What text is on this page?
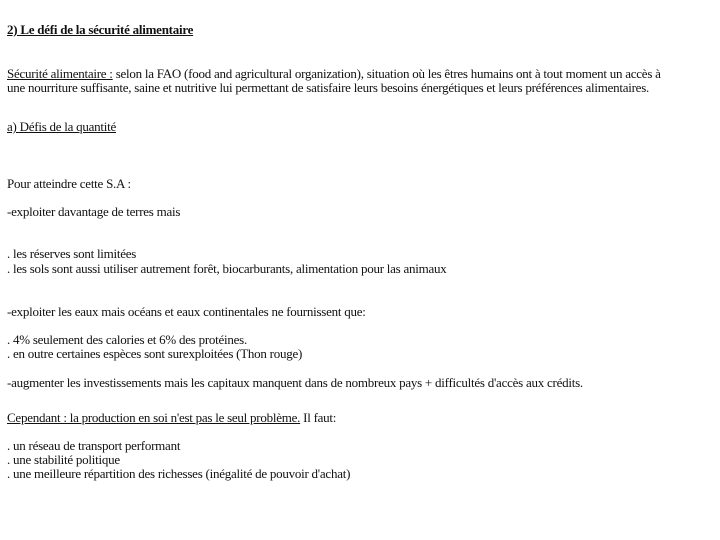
2) Le défi de la sécurité alimentaire
Sécurité alimentaire : selon la FAO (food and agricultural organization), situation où les êtres humains ont à tout moment un accès à
une nourriture suffisante, saine et nutritive lui permettant de satisfaire leurs besoins énergétiques et leurs préférences alimentaires.
a) Défis de la quantité
Pour atteindre cette S.A :
-exploiter davantage de terres mais
. les réserves sont limitées
. les sols sont aussi utiliser autrement forêt, biocarburants, alimentation pour las animaux
-exploiter les eaux mais océans et eaux continentales ne fournissent que:
. 4% seulement des calories et 6% des protéines.
. en outre certaines espèces sont surexploitées (Thon rouge)
-augmenter les investissements mais les capitaux manquent dans de nombreux pays + difficultés d'accès aux crédits.
Cependant : la production en soi n'est pas le seul problème. Il faut:
. un réseau de transport performant
. une stabilité politique
. une meilleure répartition des richesses (inégalité de pouvoir d'achat)
